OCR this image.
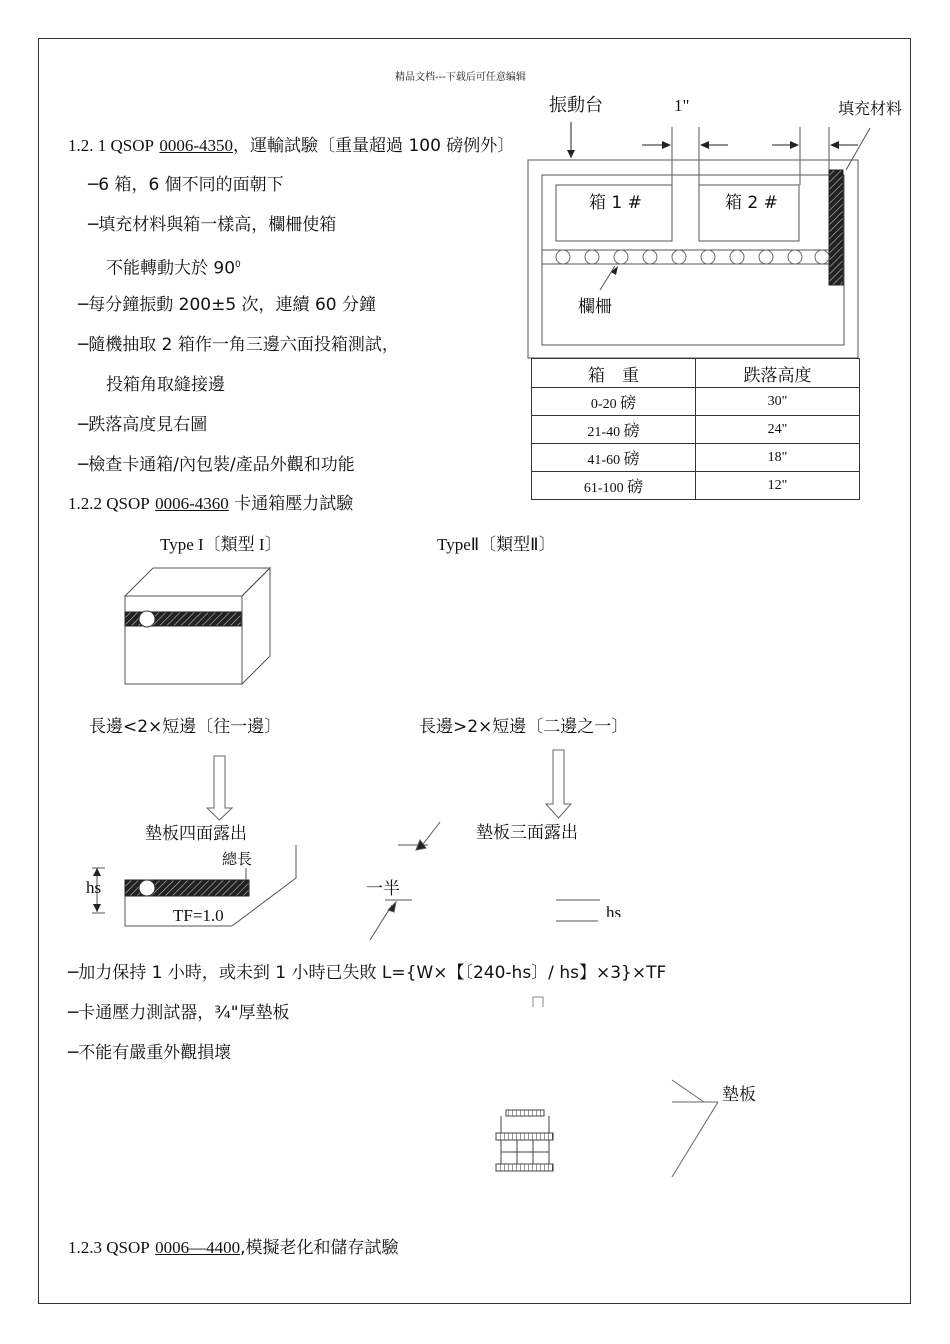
精品文档---下载后可任意编辑
振動台	1"	填充材料
箱 1 #	箱 2 #
欄柵
1.2. 1 QSOP 0006-4350，運輸試驗〔重量超過 100 磅例外〕
─6 箱，6 個不同的面朝下
─填充材料與箱一樣高，欄柵使箱
不能轉動大於 $90^0$
─每分鐘振動 200±5 次，連續 60 分鐘
─隨機抽取 2 箱作一角三邊六面投箱測試，
投箱角取縫接邊
─跌落高度見右圖
─檢查卡通箱/內包裝/產品外觀和功能
箱　重	跌落高度
0-20 磅	30"
21-40 磅	24"
41-60 磅	18"
61-100 磅	12"
1.2.2 QSOP 0006-4360 卡通箱壓力試驗
Type I〔類型 I〕	TypeⅡ〔類型Ⅱ〕
長邊<2×短邊〔往一邊〕	長邊>2×短邊〔二邊之一〕
墊板四面露出	墊板三面露出
總長
一半
hs
TF=1.0	hs
─加力保持 1 小時，或未到 1 小時已失敗 L={W×【〔240-hs〕/ hs】×3}×TF
─卡通壓力測試器，¾"厚墊板
─不能有嚴重外觀損壞
墊板
1.2.3 QSOP 0006—4400,模擬老化和儲存試驗
